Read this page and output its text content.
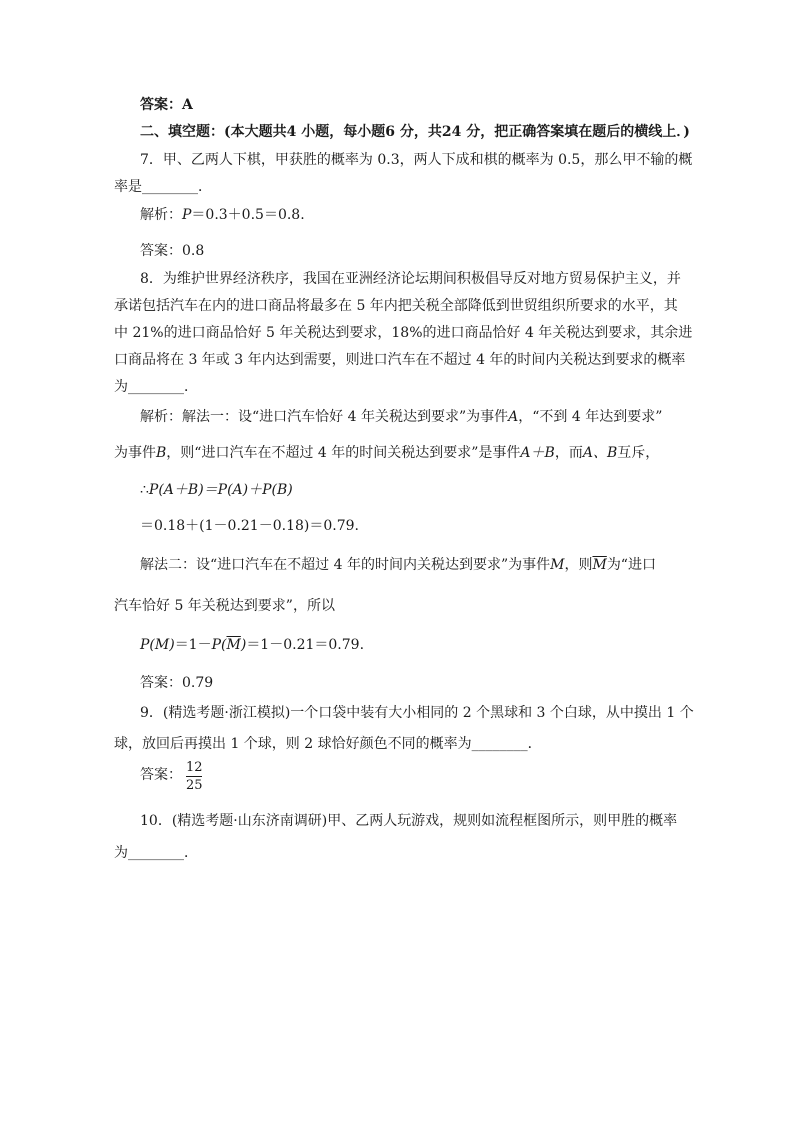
答案：A
二、填空题：(本大题共4 小题，每小题6 分，共24 分，把正确答案填在题后的横线上．)
7．甲、乙两人下棋，甲获胜的概率为 0.3，两人下成和棋的概率为 0.5，那么甲不输的概
率是________．
解析：P＝0.3＋0.5＝0.8.
答案：0.8
8．为维护世界经济秩序，我国在亚洲经济论坛期间积极倡导反对地方贸易保护主义，并
承诺包括汽车在内的进口商品将最多在 5 年内把关税全部降低到世贸组织所要求的水平，其
中 21%的进口商品恰好 5 年关税达到要求，18%的进口商品恰好 4 年关税达到要求，其余进
口商品将在 3 年或 3 年内达到需要，则进口汽车在不超过 4 年的时间内关税达到要求的概率
为________．
解析：解法一：设“进口汽车恰好 4 年关税达到要求”为事件A，“不到 4 年达到要求”
为事件B，则“进口汽车在不超过 4 年的时间关税达到要求”是事件A＋B，而A、B互斥，
∴P(A＋B)＝P(A)＋P(B)
＝0.18＋(1－0.21－0.18)＝0.79.
解法二：设“进口汽车在不超过 4 年的时间内关税达到要求”为事件M，则$\overline{M}$为“进口
汽车恰好 5 年关税达到要求”，所以
$P(M)=1-P(\overline{M})=1-0.21=0.79$.
答案：0.79
9．(精选考题·浙江模拟)一个口袋中装有大小相同的 2 个黑球和 3 个白球，从中摸出 1 个
球，放回后再摸出 1 个球，则 2 球恰好颜色不同的概率为________．
答案： $\frac{12}{25}$
10．(精选考题·山东济南调研)甲、乙两人玩游戏，规则如流程框图所示，则甲胜的概率
为________．
